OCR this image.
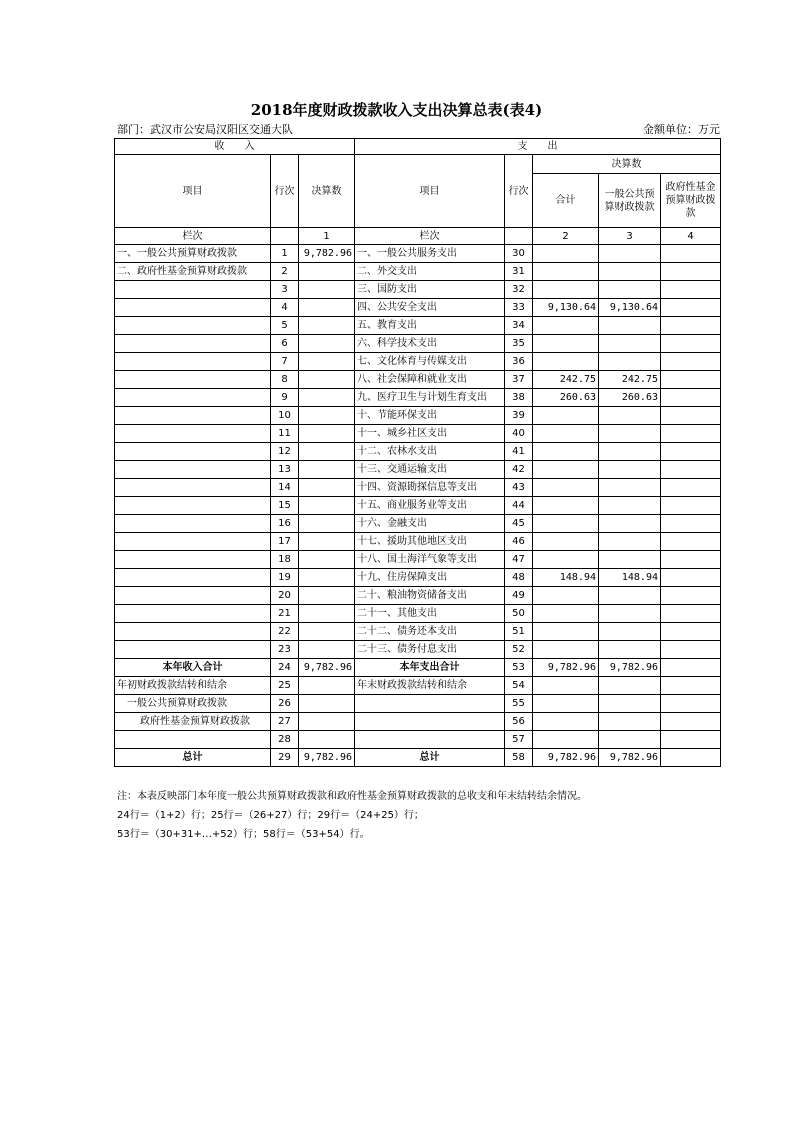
2018年度财政拨款收入支出决算总表(表4)
部门：武汉市公安局汉阳区交通大队	金额单位：万元
收　　入			支　　出				
项目	行次	决算数	项目	行次	决算数		
					合计	一般公共预算财政拨款	政府性基金预算财政拨款
栏次		1	栏次		2	3	4
一、一般公共预算财政拨款	1	9,782.96	一、一般公共服务支出	30			
二、政府性基金预算财政拨款	2		二、外交支出	31			
	3		三、国防支出	32			
	4		四、公共安全支出	33	9,130.64	9,130.64	
	5		五、教育支出	34			
	6		六、科学技术支出	35			
	7		七、文化体育与传媒支出	36			
	8		八、社会保障和就业支出	37	242.75	242.75	
	9		九、医疗卫生与计划生育支出	38	260.63	260.63	
	10		十、节能环保支出	39			
	11		十一、城乡社区支出	40			
	12		十二、农林水支出	41			
	13		十三、交通运输支出	42			
	14		十四、资源勘探信息等支出	43			
	15		十五、商业服务业等支出	44			
	16		十六、金融支出	45			
	17		十七、援助其他地区支出	46			
	18		十八、国土海洋气象等支出	47			
	19		十九、住房保障支出	48	148.94	148.94	
	20		二十、粮油物资储备支出	49			
	21		二十一、其他支出	50			
	22		二十二、债务还本支出	51			
	23		二十三、债务付息支出	52			
本年收入合计	24	9,782.96	本年支出合计	53	9,782.96	9,782.96	
年初财政拨款结转和结余	25		年末财政拨款结转和结余	54			
一般公共预算财政拨款	26			55			
政府性基金预算财政拨款	27			56			
	28			57			
总计	29	9,782.96	总计	58	9,782.96	9,782.96	
注：本表反映部门本年度一般公共预算财政拨款和政府性基金预算财政拨款的总收支和年末结转结余情况。
24行＝（1+2）行；25行＝（26+27）行；29行＝（24+25）行；
53行＝（30+31+…+52）行；58行＝（53+54）行。
